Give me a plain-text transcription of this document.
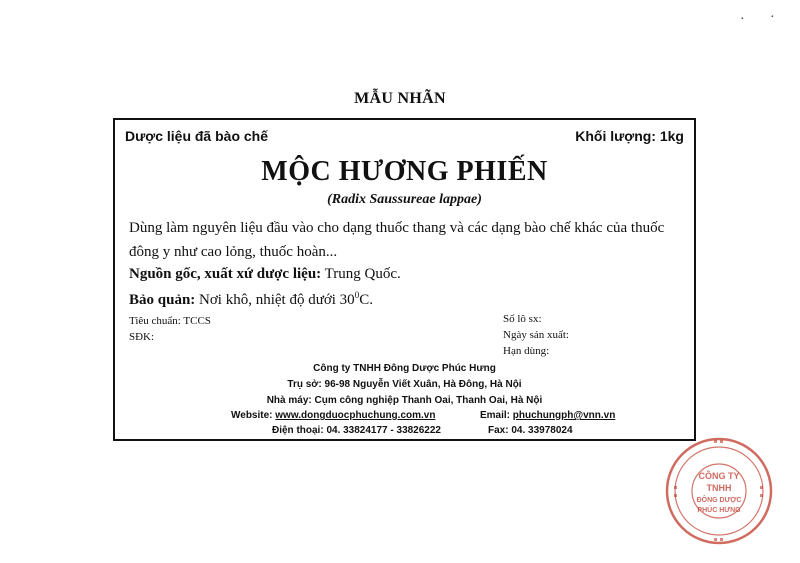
MẪU NHÃN
Dược liệu đã bào chế	Khối lượng: 1kg
MỘC HƯƠNG PHIẾN
(Radix Saussureae lappae)
Dùng làm nguyên liệu đầu vào cho dạng thuốc thang và các dạng bào chế khác của thuốc đông y như cao lỏng, thuốc hoàn...
Nguồn gốc, xuất xứ dược liệu: Trung Quốc.
Bảo quản: Nơi khô, nhiệt độ dưới $30^0C$.
Tiêu chuẩn: TCCS
SĐK:
Số lô sx:
Ngày sản xuất:
Hạn dùng:
Công ty TNHH Đông Dược Phúc Hưng
Trụ sở: 96-98 Nguyễn Viết Xuân, Hà Đông, Hà Nội
Nhà máy: Cụm công nghiệp Thanh Oai, Thanh Oai, Hà Nội
Website: www.dongduocphuchung.com.vn	Email: phuchungph@vnn.vn
Điện thoại: 04. 33824177 - 33826222	Fax: 04. 33978024
CÔNG TY
TNHH
ĐÔNG DƯỢC
PHÚC HƯNG
· ·
